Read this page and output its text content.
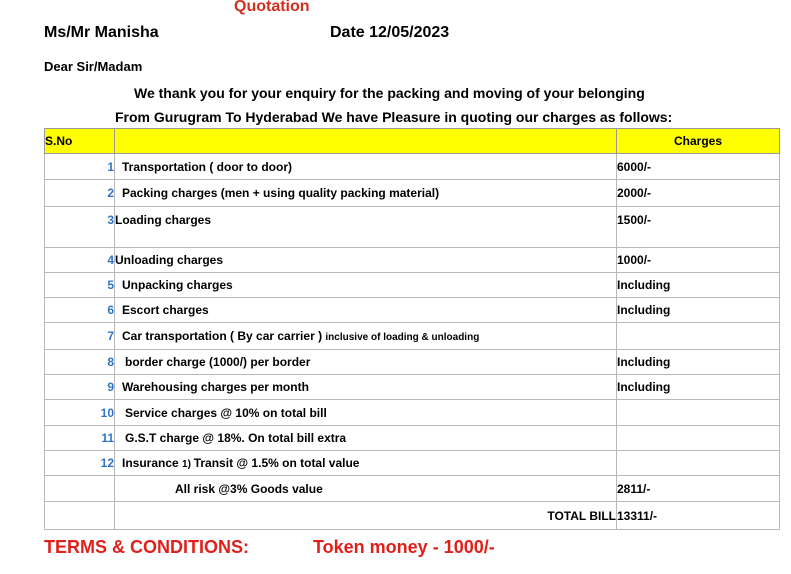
Quotation
Ms/Mr Manisha	Date 12/05/2023
Dear Sir/Madam
We thank you for your enquiry for the packing and moving of your belonging
From Gurugram To Hyderabad We have Pleasure in quoting our charges as follows:
S.No		Charges
1	Transportation ( door to door)	6000/-
2	Packing charges (men + using quality packing material)	2000/-
3	Loading charges	1500/-
4	Unloading charges	1000/-
5	Unpacking charges	Including
6	Escort charges	Including
7	Car transportation ( By car carrier ) inclusive of loading & unloading	
8	border charge (1000/) per border	Including
9	Warehousing charges per month	Including
10	Service charges @ 10% on total bill	
11	G.S.T charge @ 18%. On total bill extra	
12	Insurance 1) Transit @ 1.5% on total value	
	All risk @3% Goods value	2811/-
	TOTAL BILL	13311/-
TERMS & CONDITIONS:	Token money - 1000/-
